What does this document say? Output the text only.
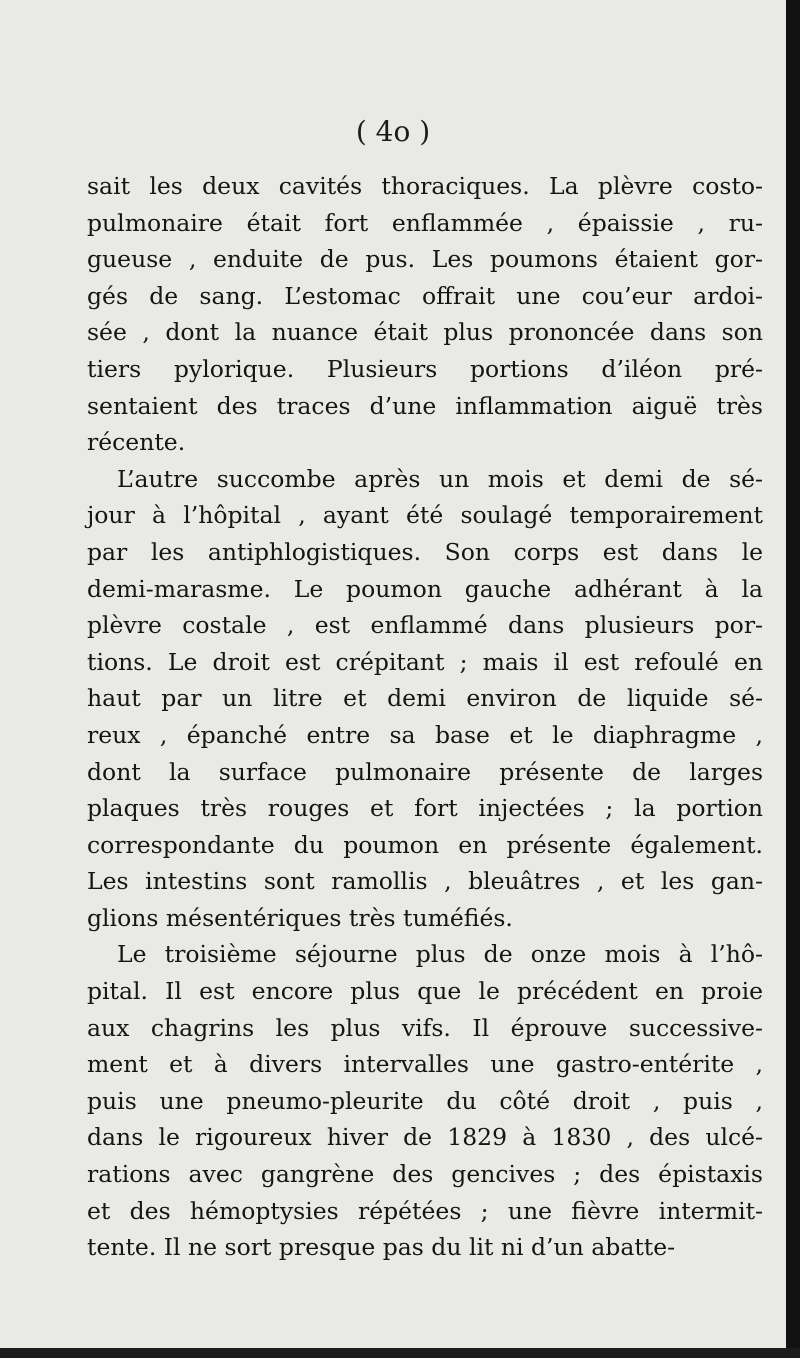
( 4o )
sait les deux cavités thoraciques. La plèvre costo-
pulmonaire était fort enflammée , épaissie , ru-
gueuse , enduite de pus. Les poumons étaient gor-
gés de sang. L’estomac offrait une cou’eur ardoi-
sée , dont la nuance était plus prononcée dans son
tiers pylorique. Plusieurs portions d’iléon pré-
sentaient des traces d’une inflammation aiguë très
récente.
L’autre succombe après un mois et demi de sé-
jour à l’hôpital , ayant été soulagé temporairement
par les antiphlogistiques. Son corps est dans le
demi-marasme. Le poumon gauche adhérant à la
plèvre costale , est enflammé dans plusieurs por-
tions. Le droit est crépitant ; mais il est refoulé en
haut par un litre et demi environ de liquide sé-
reux , épanché entre sa base et le diaphragme ,
dont la surface pulmonaire présente de larges
plaques très rouges et fort injectées ; la portion
correspondante du poumon en présente également.
Les intestins sont ramollis , bleuâtres , et les gan-
glions mésentériques très tuméfiés.
Le troisième séjourne plus de onze mois à l’hô-
pital. Il est encore plus que le précédent en proie
aux chagrins les plus vifs. Il éprouve successive-
ment et à divers intervalles une gastro-entérite ,
puis une pneumo-pleurite du côté droit , puis ,
dans le rigoureux hiver de 1829 à 1830 , des ulcé-
rations avec gangrène des gencives ; des épistaxis
et des hémoptysies répétées ; une fièvre intermit-
tente. Il ne sort presque pas du lit ni d’un abatte-
